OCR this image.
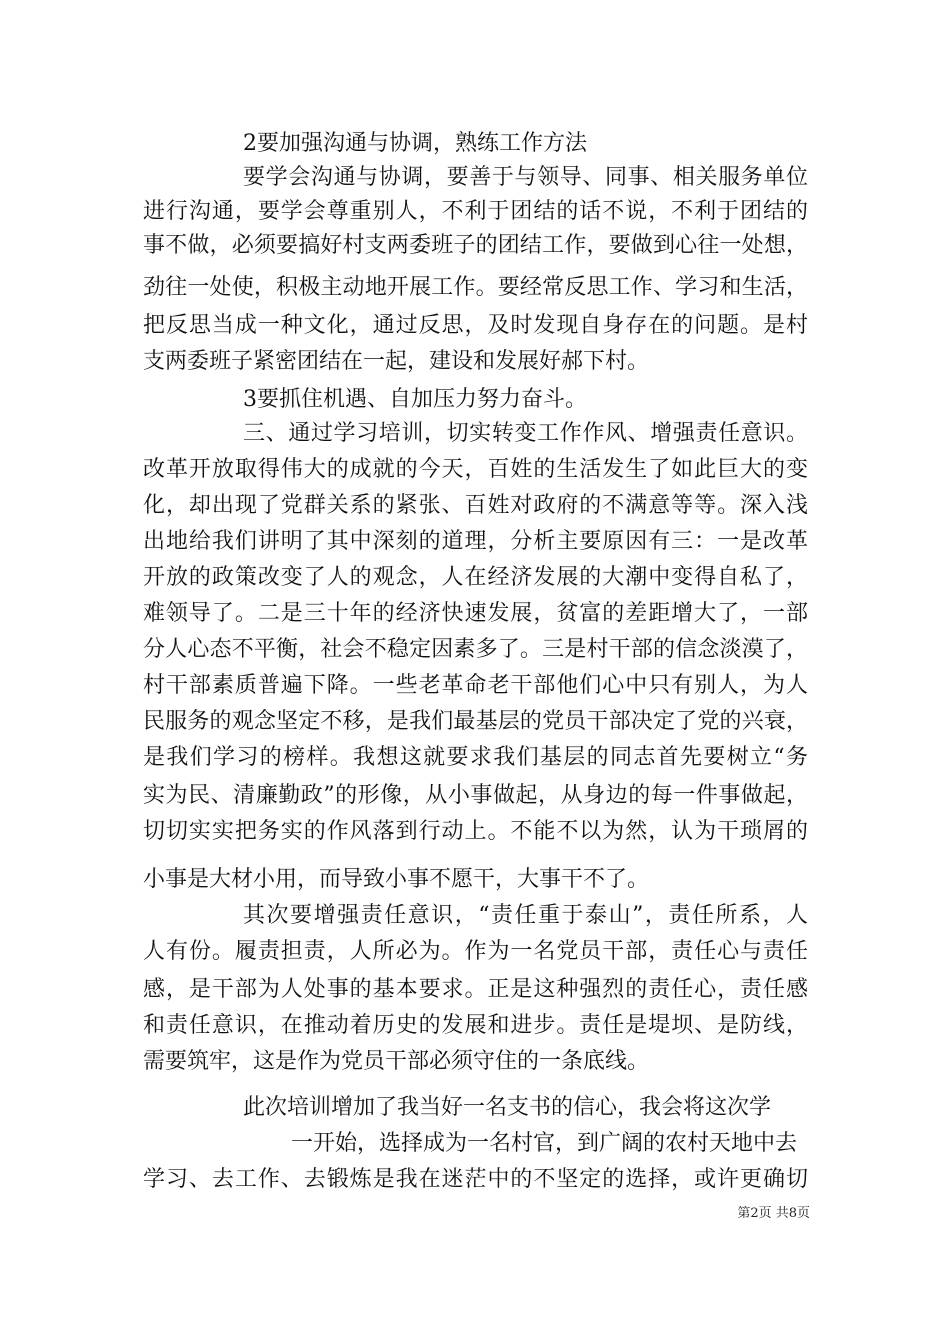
2要加强沟通与协调，熟练工作方法
要学会沟通与协调，要善于与领导、同事、相关服务单位
进行沟通，要学会尊重别人，不利于团结的话不说，不利于团结的
事不做，必须要搞好村支两委班子的团结工作，要做到心往一处想，
劲往一处使，积极主动地开展工作。要经常反思工作、学习和生活，
把反思当成一种文化，通过反思，及时发现自身存在的问题。是村
支两委班子紧密团结在一起，建设和发展好郝下村。
3要抓住机遇、自加压力努力奋斗。
三、通过学习培训，切实转变工作作风、增强责任意识。
改革开放取得伟大的成就的今天，百姓的生活发生了如此巨大的变
化，却出现了党群关系的紧张、百姓对政府的不满意等等。深入浅
出地给我们讲明了其中深刻的道理，分析主要原因有三：一是改革
开放的政策改变了人的观念，人在经济发展的大潮中变得自私了，
难领导了。二是三十年的经济快速发展，贫富的差距增大了，一部
分人心态不平衡，社会不稳定因素多了。三是村干部的信念淡漠了，
村干部素质普遍下降。一些老革命老干部他们心中只有别人，为人
民服务的观念坚定不移，是我们最基层的党员干部决定了党的兴衰，
是我们学习的榜样。我想这就要求我们基层的同志首先要树立“务
实为民、清廉勤政”的形像，从小事做起，从身边的每一件事做起，
切切实实把务实的作风落到行动上。不能不以为然，认为干琐屑的
小事是大材小用，而导致小事不愿干，大事干不了。
其次要增强责任意识，“责任重于泰山”，责任所系，人
人有份。履责担责，人所必为。作为一名党员干部，责任心与责任
感，是干部为人处事的基本要求。正是这种强烈的责任心，责任感
和责任意识，在推动着历史的发展和进步。责任是堤坝、是防线，
需要筑牢，这是作为党员干部必须守住的一条底线。
此次培训增加了我当好一名支书的信心，我会将这次学
一开始，选择成为一名村官，到广阔的农村天地中去
学习、去工作、去锻炼是我在迷茫中的不坚定的选择，或许更确切
第2页 共8页
